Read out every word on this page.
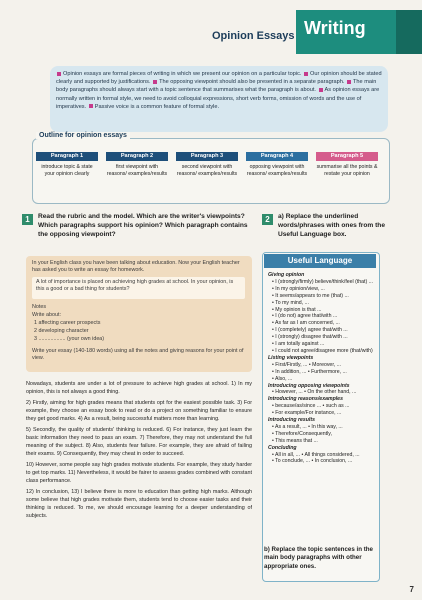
Opinion Essays Writing
Opinion essays are formal pieces of writing in which we present our opinion on a particular topic. Our opinion should be stated clearly and supported by justifications. The opposing viewpoint should also be presented in a separate paragraph. The main body paragraphs should always start with a topic sentence that summarises what the paragraph is about. As opinion essays are normally written in formal style, we need to avoid colloquial expressions, short verb forms, omission of words and the use of imperatives. Passive voice is a common feature of formal style.
Outline for opinion essays
Paragraph 1
introduce topic & state your opinion clearly
Paragraph 2
first viewpoint with reasons/ examples/results
Paragraph 3
second viewpoint with reasons/ examples/results
Paragraph 4
opposing viewpoint with reasons/ examples/results
Paragraph 5
summarise all the points & restate your opinion
1	Read the rubric and the model. Which are the writer's viewpoints? Which paragraphs support his opinion? Which paragraph contains the opposing viewpoint?
2	a) Replace the underlined words/phrases with ones from the Useful Language box.
In your English class you have been talking about education. Now your English teacher has asked you to write an essay for homework.
A lot of importance is placed on achieving high grades at school. In your opinion, is this a good or a bad thing for students?
Notes
Write about:
1 affecting career prospects
2 developing character
3 .................. (your own idea)
Write your essay (140-180 words) using all the notes and giving reasons for your point of view.

Nowadays, students are under a lot of pressure to achieve high grades at school. 1) In my opinion, this is not always a good thing.

2) Firstly, aiming for high grades means that students opt for the easiest possible task. 3) For example, they choose an essay book to read or do a project on something familiar to ensure they get good marks. 4) As a result, being successful matters more than learning.

5) Secondly, the quality of students' thinking is reduced. 6) For instance, they just learn the basic information they need to pass an exam. 7) Therefore, they may not understand the full meaning of the subject. 8) Also, students fear failure. For example, they are afraid of failing their exams. 9) Consequently, they may cheat in order to succeed.

10) However, some people say high grades motivate students. For example, they study harder to get top marks. 11) Nevertheless, it would be fairer to assess grades combined with constant class performance.

12) In conclusion, 13) I believe there is more to education than getting high marks. Although some believe that high grades motivate them, students tend to choose easier tasks and their thinking is reduced. To me, we should encourage learning for a deeper understanding of subjects.

Useful Language
Giving opinion
• I (strongly/firmly) believe/think/feel (that) ...
• In my opinion/view, ...
• It seems/appears to me (that) ...
• To my mind, ...
• My opinion is that ...
• I (do not) agree that/with ...
• As far as I am concerned, ...
• I (completely) agree that/with ...
• I (strongly) disagree that/with ...
• I am totally against ...
• I could not agree/disagree more (that/with)
Listing viewpoints
• First/Firstly, ... • Moreover, ...
• In addition, ... • Furthermore, ...
• Also, ...
Introducing opposing viewpoints
• However, ... • On the other hand, ...
Introducing reasons/examples
• because/as/since ... • such as ...
• For example/For instance, ...
Introducing results
• As a result, ... • In this way, ...
• Therefore/Consequently,
• This means that ...
Concluding
• All in all, ... • All things considered, ...
• To conclude, ... • In conclusion, ...
b) Replace the topic sentences in the main body paragraphs with other appropriate ones.
7
